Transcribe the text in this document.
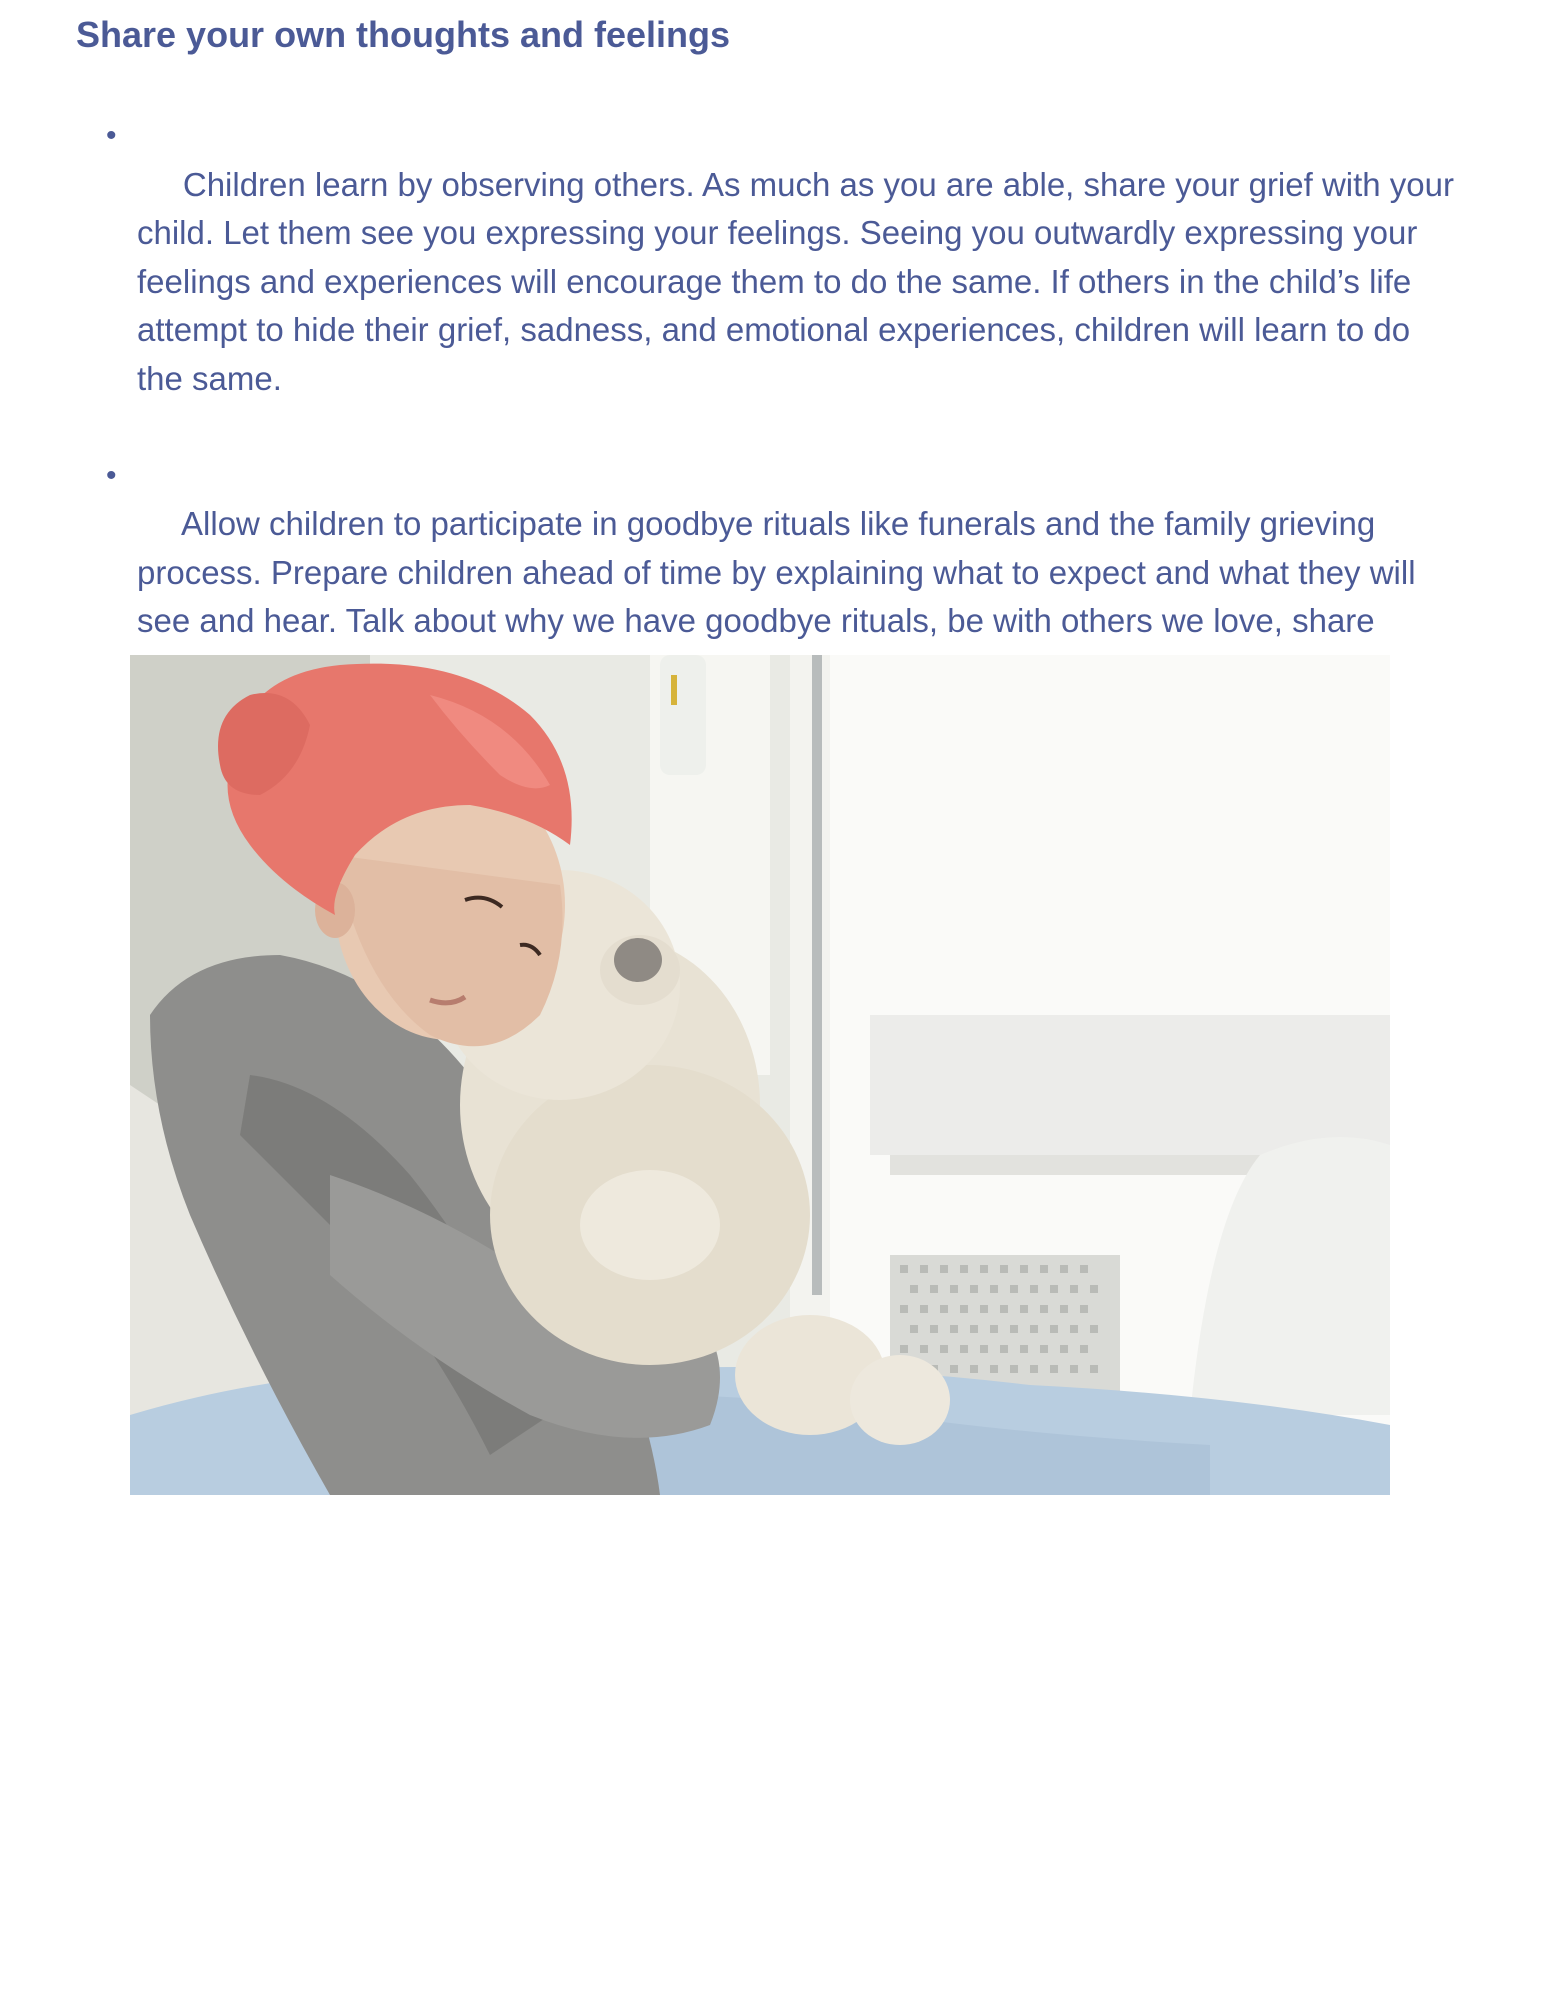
Share your own thoughts and feelings

•
Children learn by observing others. As much as you are able, share your grief with your child. Let them see you expressing your feelings. Seeing you outwardly expressing your feelings and experiences will encourage them to do the same. If others in the child’s life attempt to hide their grief, sadness, and emotional experiences, children will learn to do the same.

•
Allow children to participate in goodbye rituals like funerals and the family grieving process. Prepare children ahead of time by explaining what to expect and what they will see and hear. Talk about why we have goodbye rituals, be with others we love, share
